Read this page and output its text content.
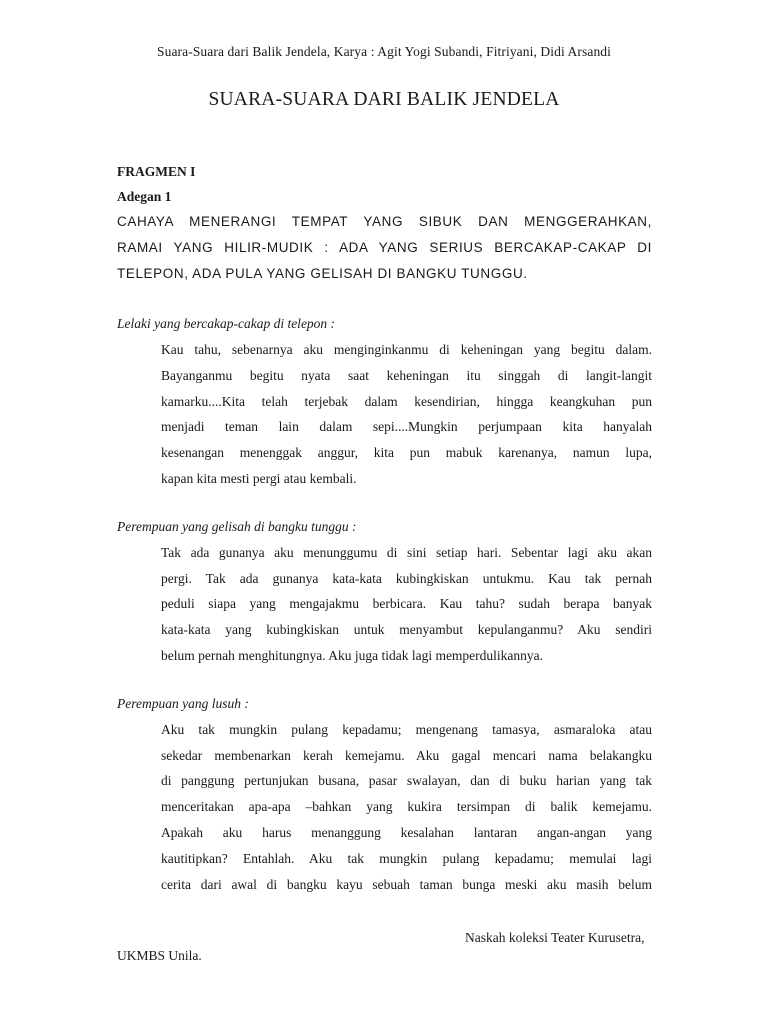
Suara-Suara dari Balik Jendela, Karya : Agit Yogi Subandi, Fitriyani, Didi Arsandi
SUARA-SUARA DARI BALIK JENDELA
FRAGMEN I
Adegan 1
CAHAYA MENERANGI TEMPAT YANG SIBUK DAN MENGGERAHKAN,
RAMAI YANG HILIR-MUDIK : ADA YANG SERIUS BERCAKAP-CAKAP DI
TELEPON, ADA PULA YANG GELISAH DI BANGKU TUNGGU.
Lelaki yang bercakap-cakap di telepon :
Kau tahu, sebenarnya aku menginginkanmu di keheningan yang begitu dalam.
Bayanganmu begitu nyata saat keheningan itu singgah di langit-langit
kamarku....Kita telah terjebak dalam kesendirian, hingga keangkuhan pun
menjadi teman lain dalam sepi....Mungkin perjumpaan kita hanyalah
kesenangan menenggak anggur, kita pun mabuk karenanya, namun lupa,
kapan kita mesti pergi atau kembali.
Perempuan yang gelisah di bangku tunggu :
Tak ada gunanya aku menunggumu di sini setiap hari. Sebentar lagi aku akan
pergi. Tak ada gunanya kata-kata kubingkiskan untukmu. Kau tak pernah
peduli siapa yang mengajakmu berbicara. Kau tahu? sudah berapa banyak
kata-kata yang kubingkiskan untuk menyambut kepulanganmu? Aku sendiri
belum pernah menghitungnya. Aku juga tidak lagi memperdulikannya.
Perempuan yang lusuh :
Aku tak mungkin pulang kepadamu; mengenang tamasya, asmaraloka atau
sekedar membenarkan kerah kemejamu. Aku gagal mencari nama belakangku
di panggung pertunjukan busana, pasar swalayan, dan di buku harian yang tak
menceritakan apa-apa –bahkan yang kukira tersimpan di balik kemejamu.
Apakah aku harus menanggung kesalahan lantaran angan-angan yang
kautitipkan? Entahlah. Aku tak mungkin pulang kepadamu; memulai lagi
cerita dari awal di bangku kayu sebuah taman bunga meski aku masih belum
Naskah koleksi Teater Kurusetra,
UKMBS Unila.
